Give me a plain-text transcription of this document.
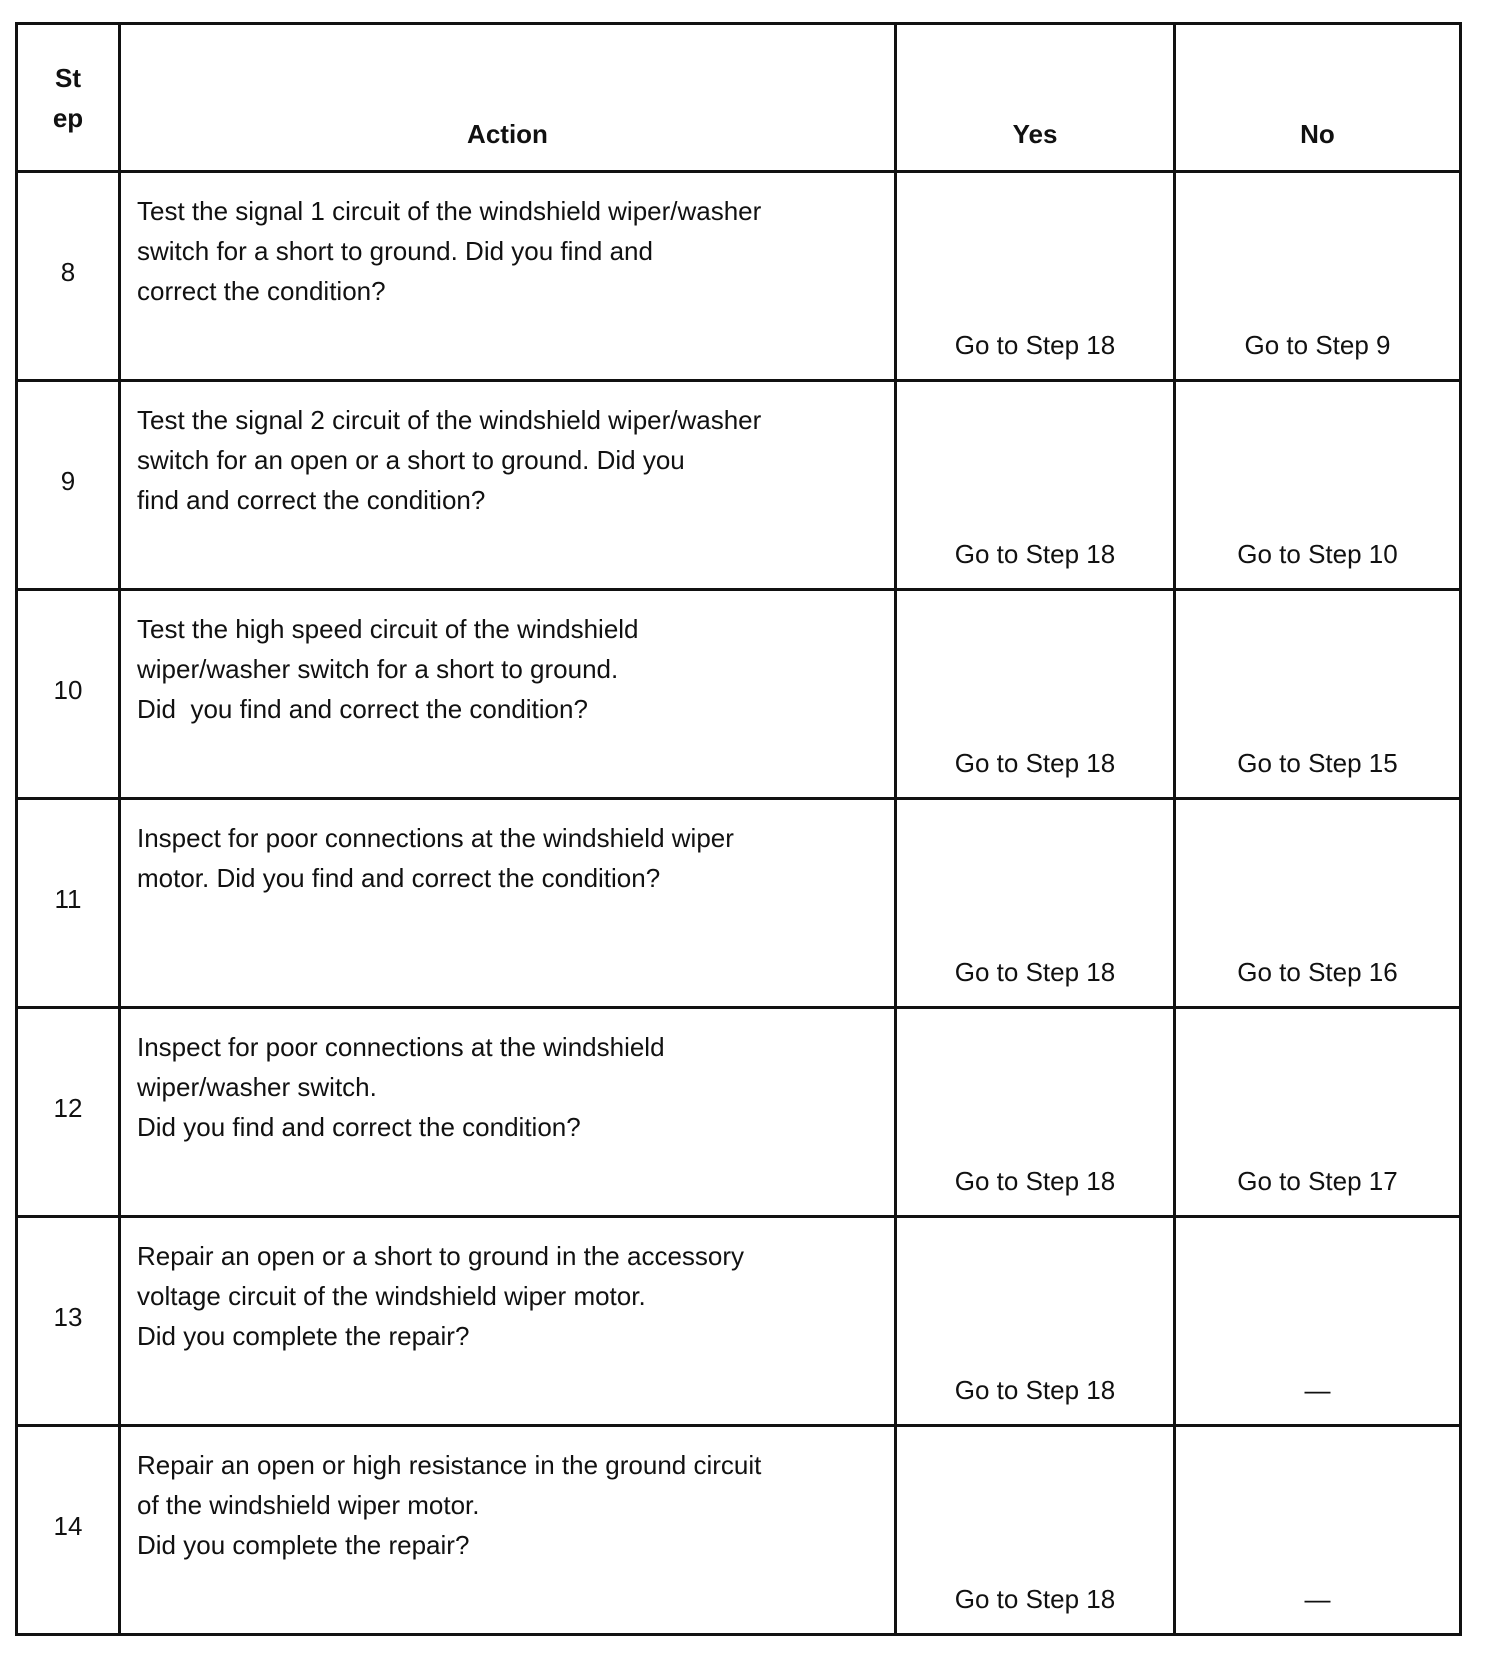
St
ep	Action	Yes	No
8	Test the signal 1 circuit of the windshield wiper/washer
switch for a short to ground. Did you find and
correct the condition?	Go to Step 18	Go to Step 9
9	Test the signal 2 circuit of the windshield wiper/washer
switch for an open or a short to ground. Did you
find and correct the condition?	Go to Step 18	Go to Step 10
10	Test the high speed circuit of the windshield
wiper/washer switch for a short to ground.
Did  you find and correct the condition?	Go to Step 18	Go to Step 15
11	Inspect for poor connections at the windshield wiper
motor. Did you find and correct the condition?	Go to Step 18	Go to Step 16
12	Inspect for poor connections at the windshield
wiper/washer switch.
Did you find and correct the condition?	Go to Step 18	Go to Step 17
13	Repair an open or a short to ground in the accessory
voltage circuit of the windshield wiper motor.
Did you complete the repair?	Go to Step 18	—
14	Repair an open or high resistance in the ground circuit
of the windshield wiper motor.
Did you complete the repair?	Go to Step 18	—
